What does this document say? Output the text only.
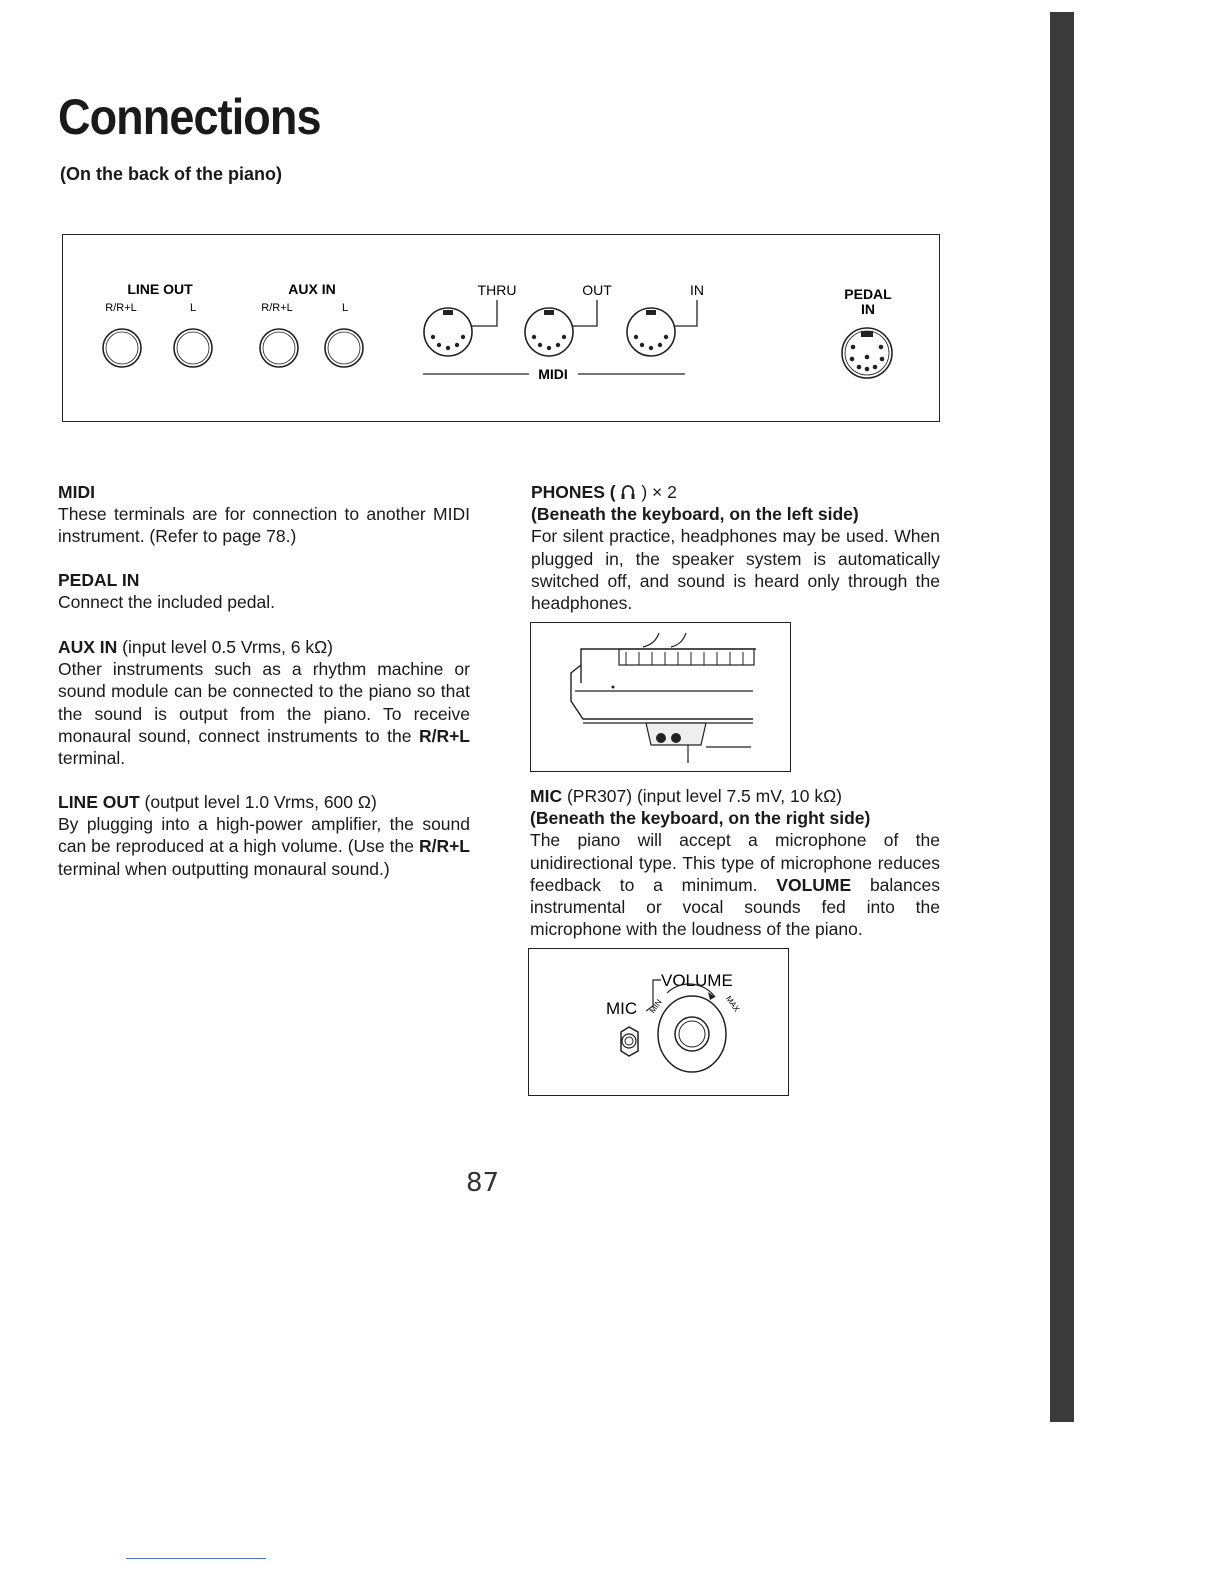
Connections
(On the back of the piano)
LINE OUT
R/R+L	L
AUX IN
R/R+L	L
THRU	OUT	IN
MIDI
PEDAL
IN
MIDI

These terminals are for connection to another MIDI instrument. (Refer to page 78.)

PEDAL IN

Connect the included pedal.

AUX IN (input level 0.5 Vrms, 6 kΩ)

Other instruments such as a rhythm machine or sound module can be connected to the piano so that the sound is output from the piano. To receive monaural sound, connect instruments to the R/R+L terminal.

LINE OUT (output level 1.0 Vrms, 600 Ω)

By plugging into a high-power amplifier, the sound can be reproduced at a high volume. (Use the R/R+L terminal when outputting monaural sound.)

PHONES ( ) × 2
(Beneath the keyboard, on the left side)

For silent practice, headphones may be used. When plugged in, the speaker system is automatically switched off, and sound is heard only through the headphones.

MIC (PR307) (input level 7.5 mV, 10 kΩ)
(Beneath the keyboard, on the right side)

The piano will accept a microphone of the unidirectional type. This type of microphone reduces feedback to a minimum. VOLUME balances instrumental or vocal sounds fed into the microphone with the loudness of the piano.

VOLUME
MIC MIN	MAX
87
